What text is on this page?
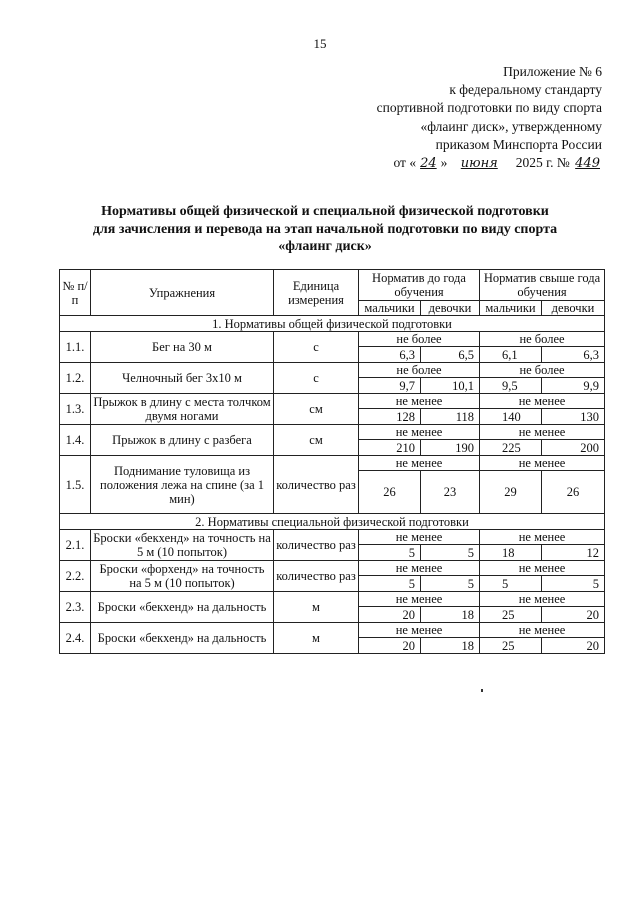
15
Приложение № 6
к федеральному стандарту
спортивной подготовки по виду спорта
«флаинг диск», утвержденному
приказом Минспорта России
от « 24 » июня 2025 г. № 449
Нормативы общей физической и специальной физической подготовки
для зачисления и перевода на этап начальной подготовки по виду спорта
«флаинг диск»
№ п/п	Упражнения	Единица измерения	Норматив до года обучения		Норматив свыше года обучения	
			мальчики	девочки	мальчики	девочки
1. Нормативы общей физической подготовки						
1.1.	Бег на 30 м	с	не более		не более	
			6,3	6,5	6,1	6,3
1.2.	Челночный бег 3х10 м	с	не более		не более	
			9,7	10,1	9,5	9,9
1.3.	Прыжок в длину с места толчком двумя ногами	см	не менее		не менее	
			128	118	140	130
1.4.	Прыжок в длину с разбега	см	не менее		не менее	
			210	190	225	200
1.5.	Поднимание туловища из положения лежа на спине (за 1 мин)	количество раз	не менее		не менее	
			26	23	29	26
2. Нормативы специальной физической подготовки						
2.1.	Броски «бекхенд» на точность на 5 м (10 попыток)	количество раз	не менее		не менее	
			5	5	18	12
2.2.	Броски «форхенд» на точность на 5 м (10 попыток)	количество раз	не менее		не менее	
			5	5	5	5
2.3.	Броски «бекхенд» на дальность	м	не менее		не менее	
			20	18	25	20
2.4.	Броски «бекхенд» на дальность	м	не менее		не менее	
			20	18	25	20
